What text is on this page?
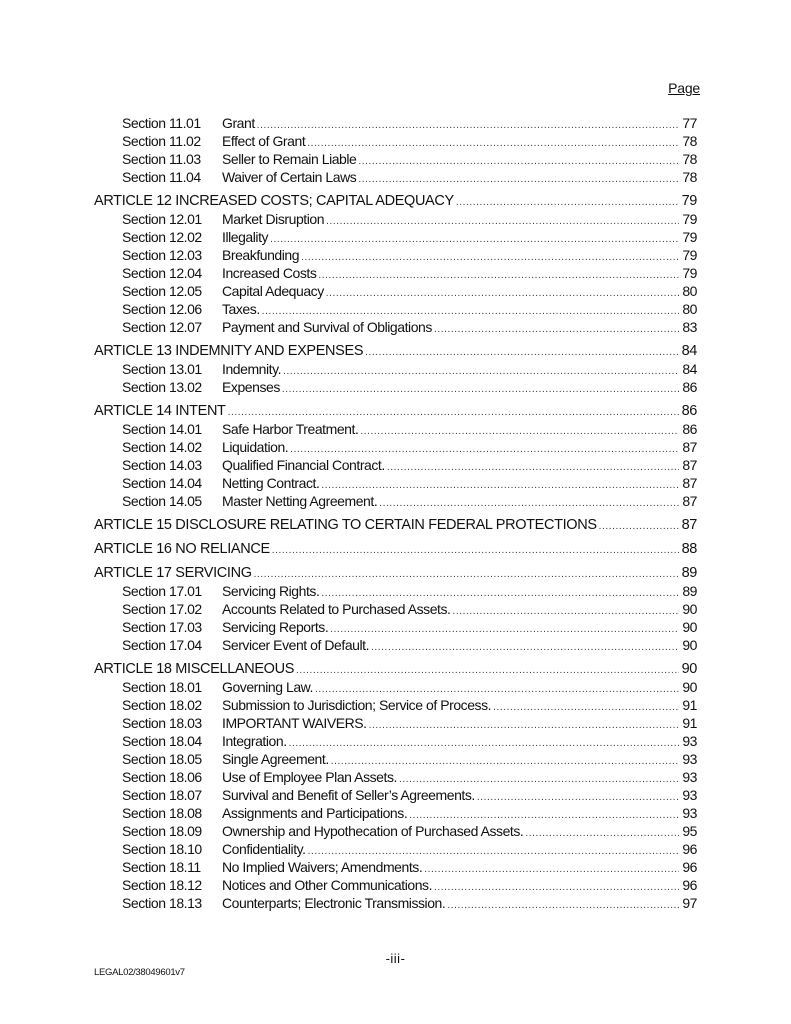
Page
Section 11.01	Grant .....	77
Section 11.02	Effect of Grant .....	78
Section 11.03	Seller to Remain Liable .....	78
Section 11.04	Waiver of Certain Laws .....	78
ARTICLE 12 INCREASED COSTS; CAPITAL ADEQUACY .....	79
Section 12.01	Market Disruption .....	79
Section 12.02	Illegality .....	79
Section 12.03	Breakfunding .....	79
Section 12.04	Increased Costs .....	79
Section 12.05	Capital Adequacy .....	80
Section 12.06	Taxes. .....	80
Section 12.07	Payment and Survival of Obligations .....	83
ARTICLE 13 INDEMNITY AND EXPENSES .....	84
Section 13.01	Indemnity. .....	84
Section 13.02	Expenses .....	86
ARTICLE 14 INTENT .....	86
Section 14.01	Safe Harbor Treatment. .....	86
Section 14.02	Liquidation. .....	87
Section 14.03	Qualified Financial Contract. .....	87
Section 14.04	Netting Contract. .....	87
Section 14.05	Master Netting Agreement. .....	87
ARTICLE 15 DISCLOSURE RELATING TO CERTAIN FEDERAL PROTECTIONS .....	87
ARTICLE 16 NO RELIANCE .....	88
ARTICLE 17 SERVICING .....	89
Section 17.01	Servicing Rights. .....	89
Section 17.02	Accounts Related to Purchased Assets. .....	90
Section 17.03	Servicing Reports. .....	90
Section 17.04	Servicer Event of Default. .....	90
ARTICLE 18 MISCELLANEOUS .....	90
Section 18.01	Governing Law. .....	90
Section 18.02	Submission to Jurisdiction; Service of Process. .....	91
Section 18.03	IMPORTANT WAIVERS. .....	91
Section 18.04	Integration. .....	93
Section 18.05	Single Agreement. .....	93
Section 18.06	Use of Employee Plan Assets. .....	93
Section 18.07	Survival and Benefit of Seller’s Agreements. .....	93
Section 18.08	Assignments and Participations. .....	93
Section 18.09	Ownership and Hypothecation of Purchased Assets. .....	95
Section 18.10	Confidentiality. .....	96
Section 18.11	No Implied Waivers; Amendments. .....	96
Section 18.12	Notices and Other Communications. .....	96
Section 18.13	Counterparts; Electronic Transmission. .....	97
-iii-
LEGAL02/38049601v7
